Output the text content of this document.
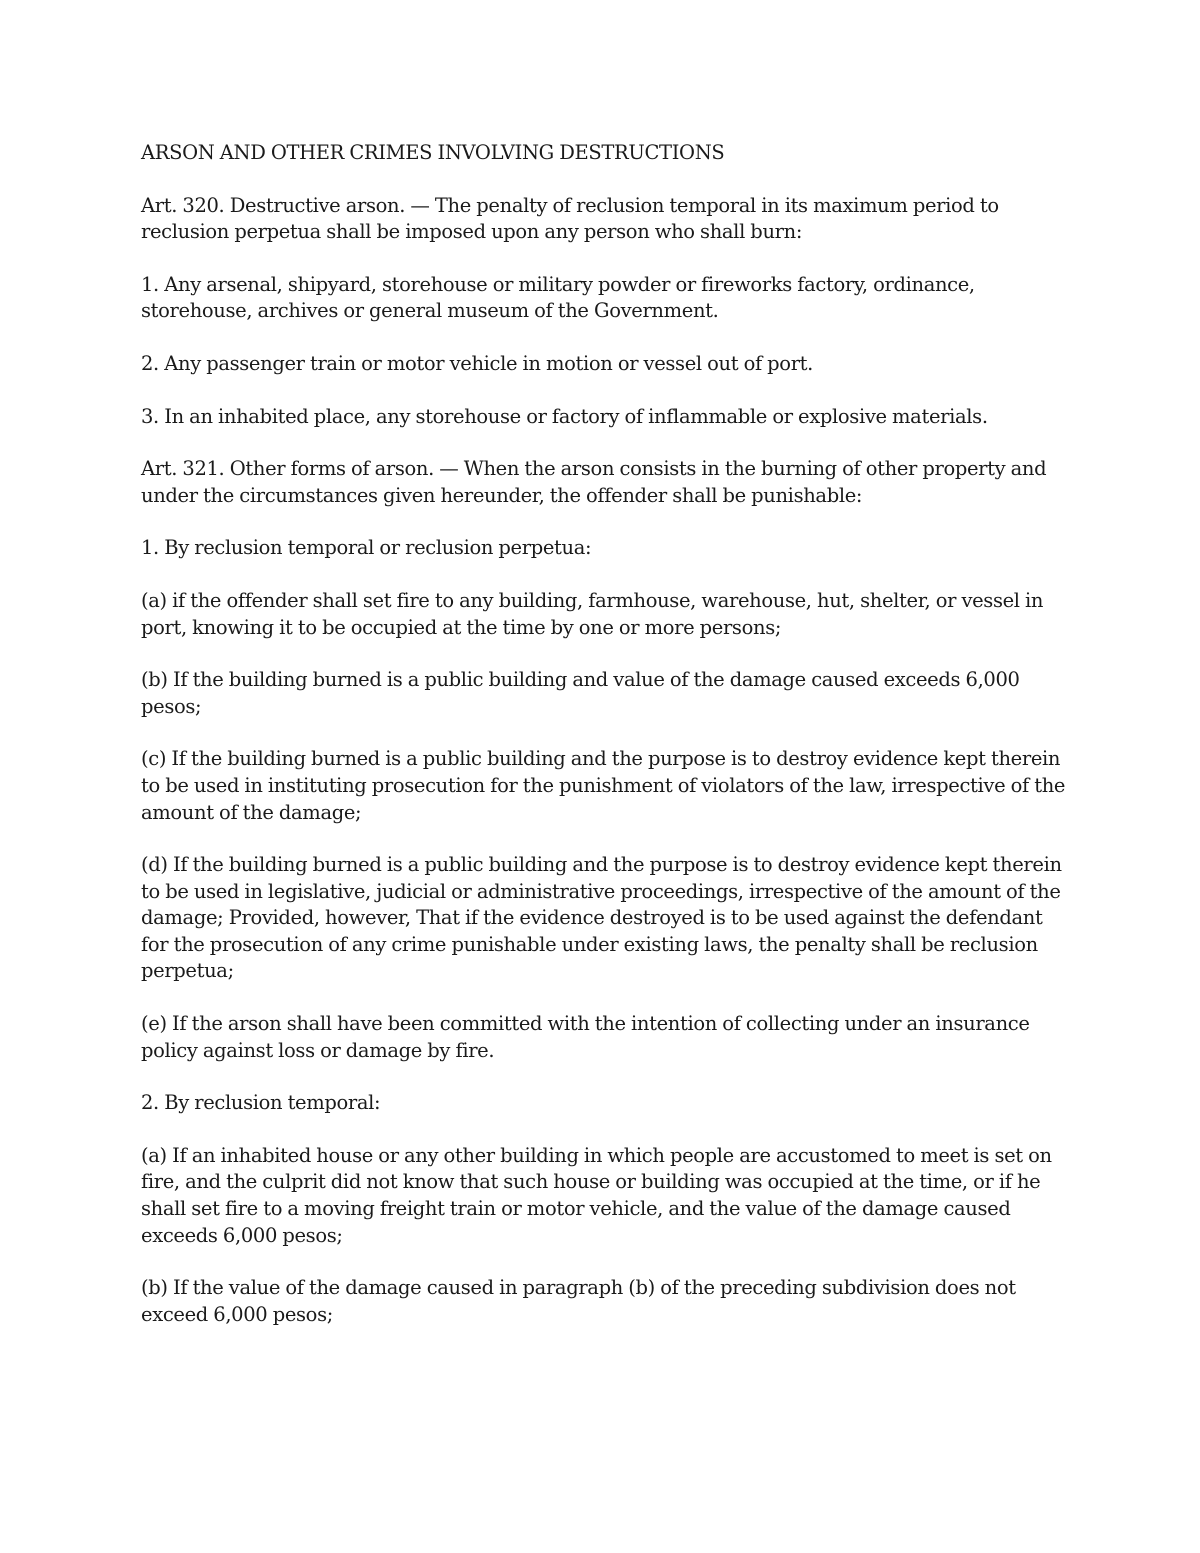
ARSON AND OTHER CRIMES INVOLVING DESTRUCTIONS

Art. 320. Destructive arson. — The penalty of reclusion temporal in its maximum period to reclusion perpetua shall be imposed upon any person who shall burn:

1. Any arsenal, shipyard, storehouse or military powder or fireworks factory, ordinance, storehouse, archives or general museum of the Government.

2. Any passenger train or motor vehicle in motion or vessel out of port.

3. In an inhabited place, any storehouse or factory of inflammable or explosive materials.

Art. 321. Other forms of arson. — When the arson consists in the burning of other property and under the circumstances given hereunder, the offender shall be punishable:

1. By reclusion temporal or reclusion perpetua:

(a) if the offender shall set fire to any building, farmhouse, warehouse, hut, shelter, or vessel in port, knowing it to be occupied at the time by one or more persons;

(b) If the building burned is a public building and value of the damage caused exceeds 6,000 pesos;

(c) If the building burned is a public building and the purpose is to destroy evidence kept therein to be used in instituting prosecution for the punishment of violators of the law, irrespective of the amount of the damage;

(d) If the building burned is a public building and the purpose is to destroy evidence kept therein to be used in legislative, judicial or administrative proceedings, irrespective of the amount of the damage; Provided, however, That if the evidence destroyed is to be used against the defendant for the prosecution of any crime punishable under existing laws, the penalty shall be reclusion perpetua;

(e) If the arson shall have been committed with the intention of collecting under an insurance policy against loss or damage by fire.

2. By reclusion temporal:

(a) If an inhabited house or any other building in which people are accustomed to meet is set on fire, and the culprit did not know that such house or building was occupied at the time, or if he shall set fire to a moving freight train or motor vehicle, and the value of the damage caused exceeds 6,000 pesos;

(b) If the value of the damage caused in paragraph (b) of the preceding subdivision does not exceed 6,000 pesos;
